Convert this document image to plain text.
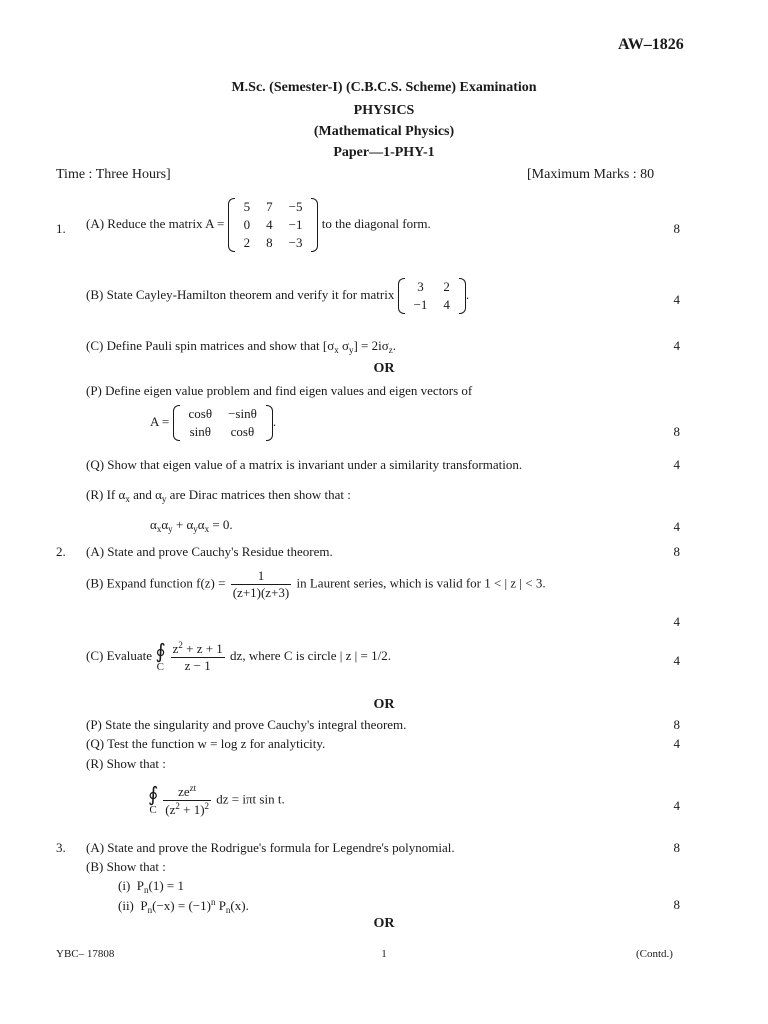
AW–1826
M.Sc. (Semester-I) (C.B.C.S. Scheme) Examination
PHYSICS
(Mathematical Physics)
Paper—1-PHY-1
Time : Three Hours]	[Maximum Marks : 80
1. (A) Reduce the matrix A =
5	7	−5
0	4	−1
2	8	−3
to the diagonal form.	8
(B) State Cayley-Hamilton theorem and verify it for matrix
3	2
−1	4
.	4
(C) Define Pauli spin matrices and show that [$\sigma_x$ $\sigma_y] = 2i\sigma_z$.	4
OR
(P) Define eigen value problem and find eigen values and eigen vectors of
A =
cosθ	−sinθ
sinθ	cosθ
.
8
(Q) Show that eigen value of a matrix is invariant under a similarity transformation.	4
(R) If $\alpha_x$ and $\alpha_y$ are Dirac matrices then show that :
$\alpha_x\alpha_y + \alpha_y\alpha_x = 0$.	4
2. (A) State and prove Cauchy's Residue theorem.	8
(B) Expand function $f(z) = \frac{1}{(z+1)(z+3)}$ in Laurent series, which is valid for 1 < | z | < 3.
4
(C) Evaluate ∮
C
$\frac{z^2 + z + 1}{z - 1}$ dz, where C is circle | z | = 1/2.	4
OR
(P) State the singularity and prove Cauchy's integral theorem.	8
(Q) Test the function w = log z for analyticity.	4
(R) Show that :
∮
C
$\frac{ze^{zt}}{(z^2 + 1)^2}$ dz = iπt sin t.	4
3. (A) State and prove the Rodrigue's formula for Legendre's polynomial.	8
(B) Show that :
(i)  $P_n(1) = 1$
(ii)  $P_n(-x) = (-1)^n$ $P_n(x)$.	8
OR
YBC– 17808	1	(Contd.)
